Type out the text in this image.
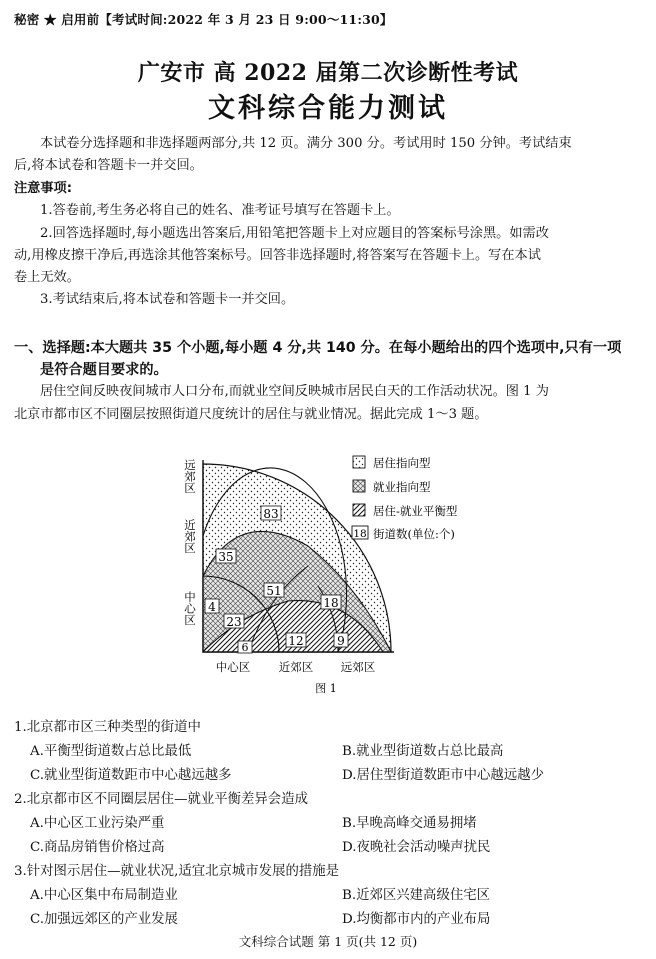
秘密 ★ 启用前【考试时间:2022 年 3 月 23 日 9:00～11:30】
广安市 高 2022 届第二次诊断性考试
文科综合能力测试
本试卷分选择题和非选择题两部分,共 12 页。满分 300 分。考试用时 150 分钟。考试结束
后,将本试卷和答题卡一并交回。
注意事项:
1.答卷前,考生务必将自己的姓名、准考证号填写在答题卡上。
2.回答选择题时,每小题选出答案后,用铅笔把答题卡上对应题目的答案标号涂黑。如需改
动,用橡皮擦干净后,再选涂其他答案标号。回答非选择题时,将答案写在答题卡上。写在本试
卷上无效。
3.考试结束后,将本试卷和答题卡一并交回。
一、选择题:本大题共 35 个小题,每小题 4 分,共 140 分。在每小题给出的四个选项中,只有一项
是符合题目要求的。
居住空间反映夜间城市人口分布,而就业空间反映城市居民白天的工作活动状况。图 1 为
北京市都市区不同圈层按照街道尺度统计的居住与就业情况。据此完成 1～3 题。
83
35
51
4
23
18
6	12	9
中心区 近郊区 远郊区
远郊区
近郊区
中心区
居住指向型
就业指向型
居住-就业平衡型
18 街道数(单位:个)
图 1
1.北京都市区三种类型的街道中
A.平衡型街道数占总比最低	B.就业型街道数占总比最高
C.就业型街道数距市中心越远越多	D.居住型街道数距市中心越远越少
2.北京都市区不同圈层居住—就业平衡差异会造成
A.中心区工业污染严重	B.早晚高峰交通易拥堵
C.商品房销售价格过高	D.夜晚社会活动噪声扰民
3.针对图示居住—就业状况,适宜北京城市发展的措施是
A.中心区集中布局制造业	B.近郊区兴建高级住宅区
C.加强远郊区的产业发展	D.均衡都市内的产业布局
文科综合试题 第 1 页(共 12 页)
